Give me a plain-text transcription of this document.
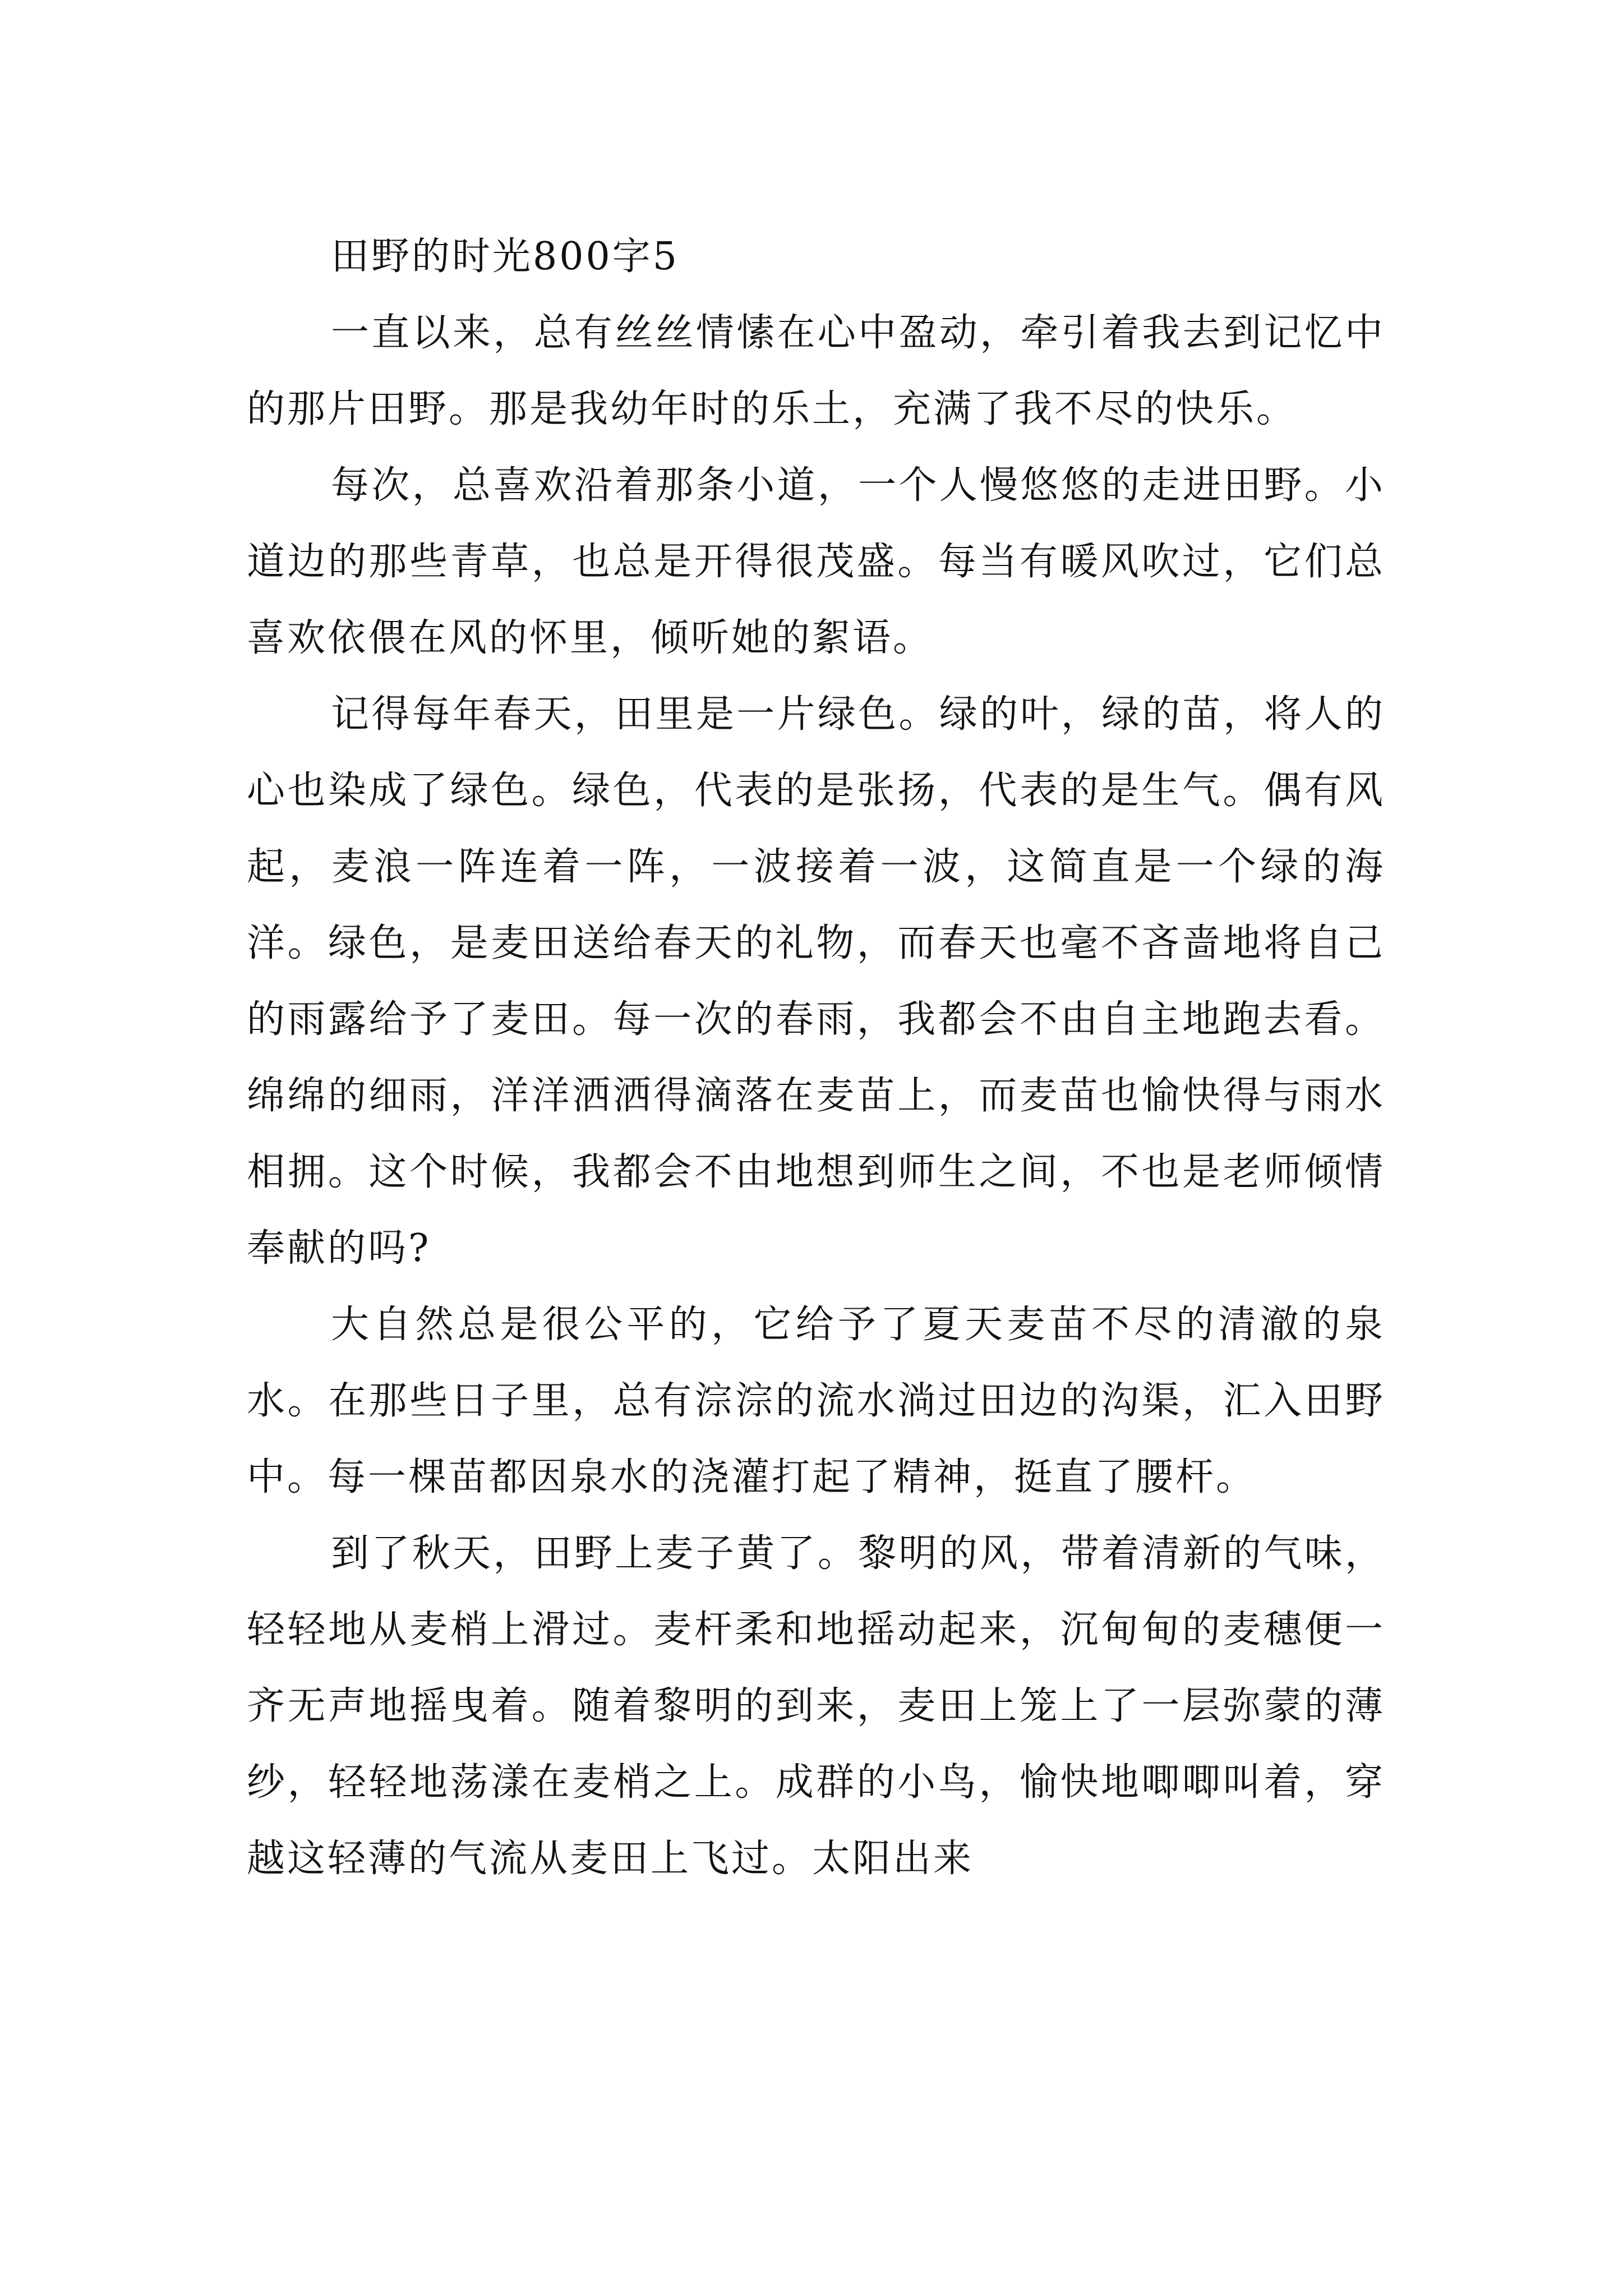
田野的时光800字5

一直以来，总有丝丝情愫在心中盈动，牵引着我去到记忆中的那片田野。那是我幼年时的乐土，充满了我不尽的快乐。

每次，总喜欢沿着那条小道，一个人慢悠悠的走进田野。小道边的那些青草，也总是开得很茂盛。每当有暖风吹过，它们总喜欢依偎在风的怀里，倾听她的絮语。

记得每年春天，田里是一片绿色。绿的叶，绿的苗，将人的心也染成了绿色。绿色，代表的是张扬，代表的是生气。偶有风起，麦浪一阵连着一阵，一波接着一波，这简直是一个绿的海洋。绿色，是麦田送给春天的礼物，而春天也毫不吝啬地将自己的雨露给予了麦田。每一次的春雨，我都会不由自主地跑去看。绵绵的细雨，洋洋洒洒得滴落在麦苗上，而麦苗也愉快得与雨水相拥。这个时候，我都会不由地想到师生之间，不也是老师倾情奉献的吗?

大自然总是很公平的，它给予了夏天麦苗不尽的清澈的泉水。在那些日子里，总有淙淙的流水淌过田边的沟渠，汇入田野中。每一棵苗都因泉水的浇灌打起了精神，挺直了腰杆。

到了秋天，田野上麦子黄了。黎明的风，带着清新的气味，轻轻地从麦梢上滑过。麦杆柔和地摇动起来，沉甸甸的麦穗便一齐无声地摇曳着。随着黎明的到来，麦田上笼上了一层弥蒙的薄纱，轻轻地荡漾在麦梢之上。成群的小鸟，愉快地唧唧叫着，穿越这轻薄的气流从麦田上飞过。太阳出来
